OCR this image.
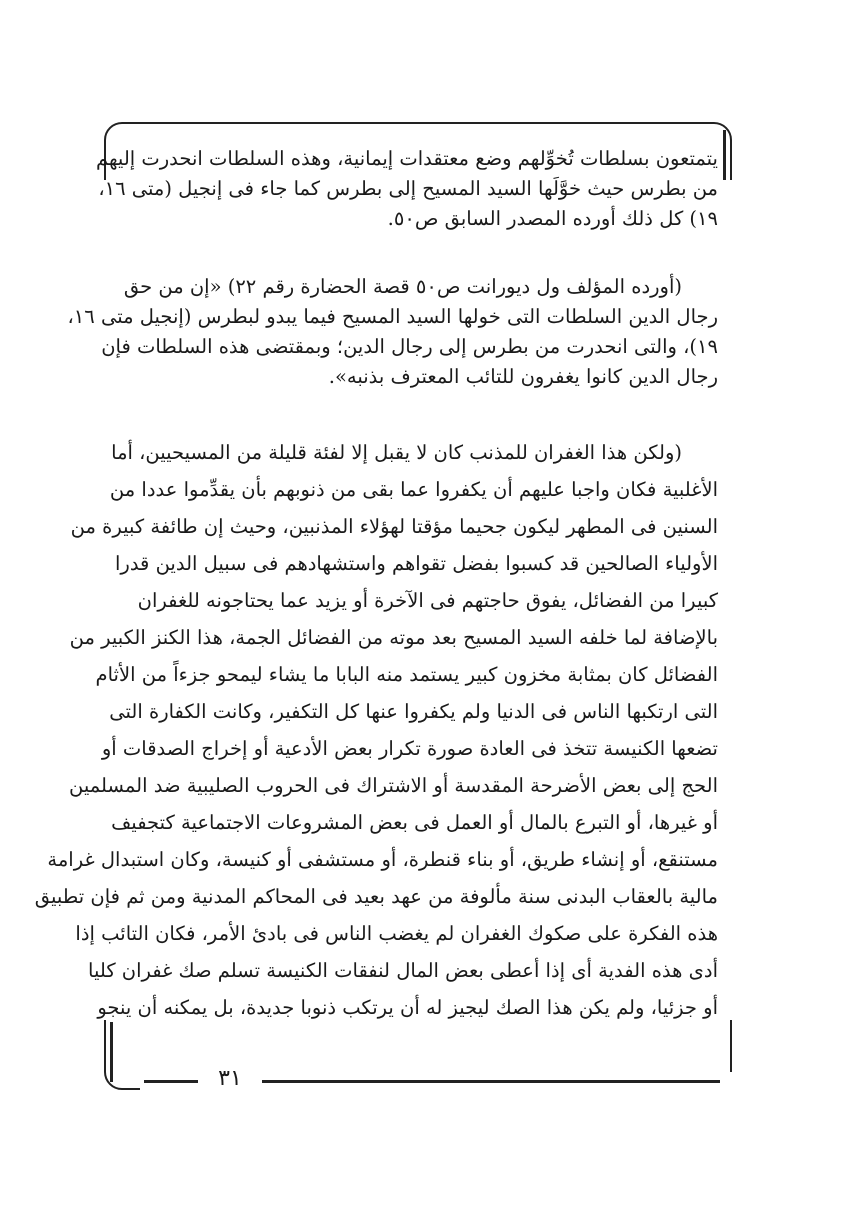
يتمتعون بسلطات تُخوِّلهم وضع معتقدات إيمانية، وهذه السلطات انحدرت إليهم
من بطرس حيث خوَّلَها السيد المسيح إلى بطرس كما جاء فى إنجيل (متى ١٦،
١٩) كل ذلك أورده المصدر السابق ص٥٠.
(أورده المؤلف ول ديورانت ص٥٠ قصة الحضارة رقم ٢٢) «إن من حق
رجال الدين السلطات التى خولها السيد المسيح فيما يبدو لبطرس (إنجيل متى ١٦،
١٩)، والتى انحدرت من بطرس إلى رجال الدين؛ وبمقتضى هذه السلطات فإن
رجال الدين كانوا يغفرون للتائب المعترف بذنبه».
(ولكن هذا الغفران للمذنب كان لا يقبل إلا لفئة قليلة من المسيحيين، أما
الأغلبية فكان واجبا عليهم أن يكفروا عما بقى من ذنوبهم بأن يقدِّموا عددا من
السنين فى المطهر ليكون جحيما مؤقتا لهؤلاء المذنبين، وحيث إن طائفة كبيرة من
الأولياء الصالحين قد كسبوا بفضل تقواهم واستشهادهم فى سبيل الدين قدرا
كبيرا من الفضائل، يفوق حاجتهم فى الآخرة أو يزيد عما يحتاجونه للغفران
بالإضافة لما خلفه السيد المسيح بعد موته من الفضائل الجمة، هذا الكنز الكبير من
الفضائل كان بمثابة مخزون كبير يستمد منه البابا ما يشاء ليمحو جزءاً من الأثام
التى ارتكبها الناس فى الدنيا ولم يكفروا عنها كل التكفير، وكانت الكفارة التى
تضعها الكنيسة تتخذ فى العادة صورة تكرار بعض الأدعية أو إخراج الصدقات أو
الحج إلى بعض الأضرحة المقدسة أو الاشتراك فى الحروب الصليبية ضد المسلمين
أو غيرها، أو التبرع بالمال أو العمل فى بعض المشروعات الاجتماعية كتجفيف
مستنقع، أو إنشاء طريق، أو بناء قنطرة، أو مستشفى أو كنيسة، وكان استبدال غرامة
مالية بالعقاب البدنى سنة مألوفة من عهد بعيد فى المحاكم المدنية ومن ثم فإن تطبيق
هذه الفكرة على صكوك الغفران لم يغضب الناس فى بادئ الأمر، فكان التائب إذا
أدى هذه الفدية أى إذا أعطى بعض المال لنفقات الكنيسة تسلم صك غفران كليا
أو جزئيا، ولم يكن هذا الصك ليجيز له أن يرتكب ذنوبا جديدة، بل يمكنه أن ينجو
٣١
